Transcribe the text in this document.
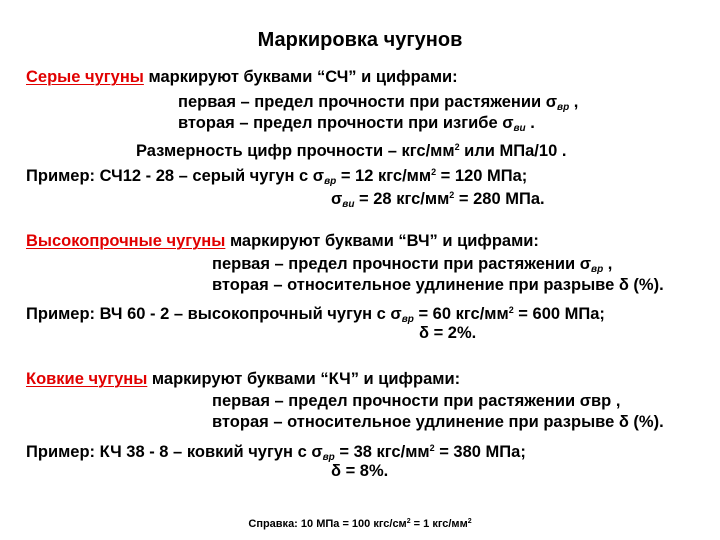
Маркировка чугунов
Серые чугуны маркируют буквами “СЧ” и цифрами:
первая – предел прочности при растяжении $\sigma_{вр}$ ,
вторая – предел прочности при изгибе $\sigma_{ви}$ .
Размерность цифр прочности – кгс/$мм^2$ или МПа/10 .
Пример: СЧ12 - 28 – серый чугун с $\sigma_{вр} = 12$ кгс/$мм^2 = 120$ МПа;
$\sigma_{ви} = 28$ кгс/$мм^2 = 280$ МПа.
Высокопрочные чугуны маркируют буквами “ВЧ” и цифрами:
первая – предел прочности при растяжении $\sigma_{вр}$ ,
вторая – относительное удлинение при разрыве δ (%).
Пример: ВЧ 60 - 2 – высокопрочный чугун с $\sigma_{вр} = 60$ кгс/$мм^2 = 600$ МПа;
δ = 2%.
Ковкие чугуны маркируют буквами “КЧ” и цифрами:
первая – предел прочности при растяжении σвр ,
вторая – относительное удлинение при разрыве δ (%).
Пример: КЧ 38 - 8 – ковкий чугун с $\sigma_{вр} = 38$ кгс/$мм^2 = 380$ МПа;
δ = 8%.
Справка: 10 МПа = 100 кгс/$см^2 = 1$ кгс/$мм^2$
